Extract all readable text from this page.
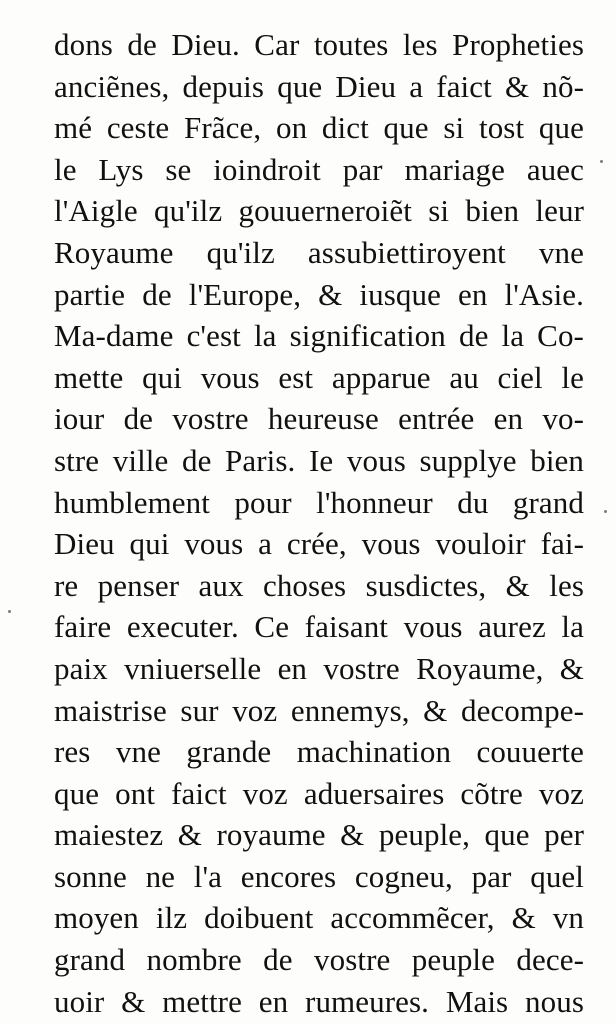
dons de Dieu. Car toutes les Propheties
anciẽnes, depuis que Dieu a faict & nõ-
mé ceste Frãce, on dict que si tost que
le Lys se ioindroit par mariage auec
l'Aigle qu'ilz gouuerneroiẽt si bien leur
Royaume qu'ilz assubiettiroyent vne
partie de l'Europe, & iusque en l'Asie.
Ma-dame c'est la signification de la Co-
mette qui vous est apparue au ciel le
iour de vostre heureuse entrée en vo-
stre ville de Paris. Ie vous supplye bien
humblement pour l'honneur du grand
Dieu qui vous a crée, vous vouloir fai-
re penser aux choses susdictes, & les
faire executer. Ce faisant vous aurez la
paix vniuerselle en vostre Royaume, &
maistrise sur voz ennemys, & decompe-
res vne grande machination couuerte
que ont faict voz aduersaires cõtre voz
maiestez & royaume & peuple, que per
sonne ne l'a encores cogneu, par quel
moyen ilz doibuent accommẽcer, & vn
grand nombre de vostre peuple dece-
uoir & mettre en rumeures. Mais nous
